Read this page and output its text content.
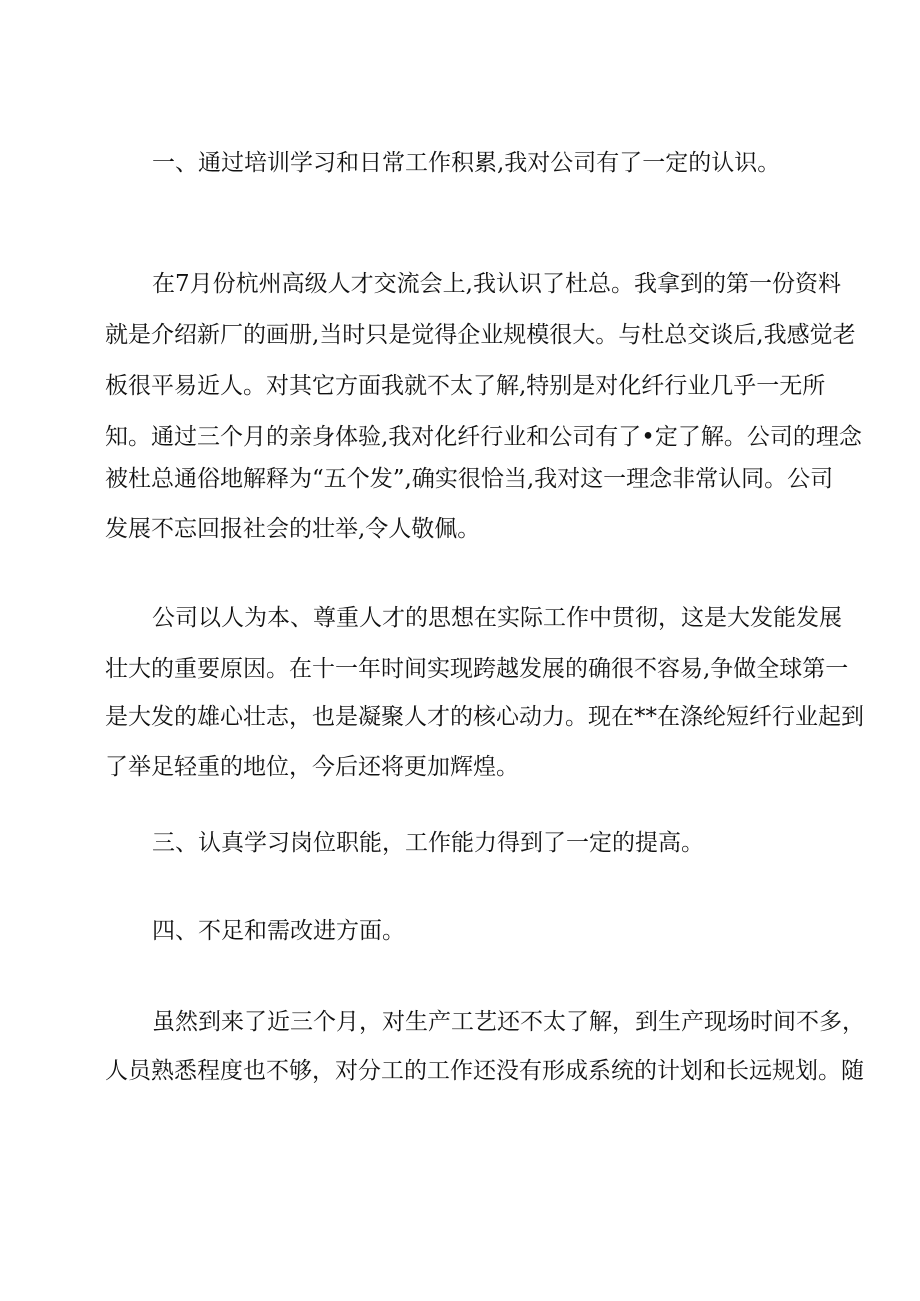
一、通过培训学习和日常工作积累,我对公司有了一定的认识。
在7月份杭州高级人才交流会上,我认识了杜总。我拿到的第一份资料
就是介绍新厂的画册,当时只是觉得企业规模很大。与杜总交谈后,我感觉老
板很平易近人。对其它方面我就不太了解,特别是对化纤行业几乎一无所
知。通过三个月的亲身体验,我对化纤行业和公司有了•定了解。公司的理念
被杜总通俗地解释为“五个发”,确实很恰当,我对这一理念非常认同。公司
发展不忘回报社会的壮举,令人敬佩。
公司以人为本、尊重人才的思想在实际工作中贯彻，这是大发能发展
壮大的重要原因。在十一年时间实现跨越发展的确很不容易,争做全球第一
是大发的雄心壮志，也是凝聚人才的核心动力。现在**在涤纶短纤行业起到
了举足轻重的地位，今后还将更加辉煌。
三、认真学习岗位职能，工作能力得到了一定的提高。
四、不足和需改进方面。
虽然到来了近三个月，对生产工艺还不太了解，到生产现场时间不多，
人员熟悉程度也不够，对分工的工作还没有形成系统的计划和长远规划。随
